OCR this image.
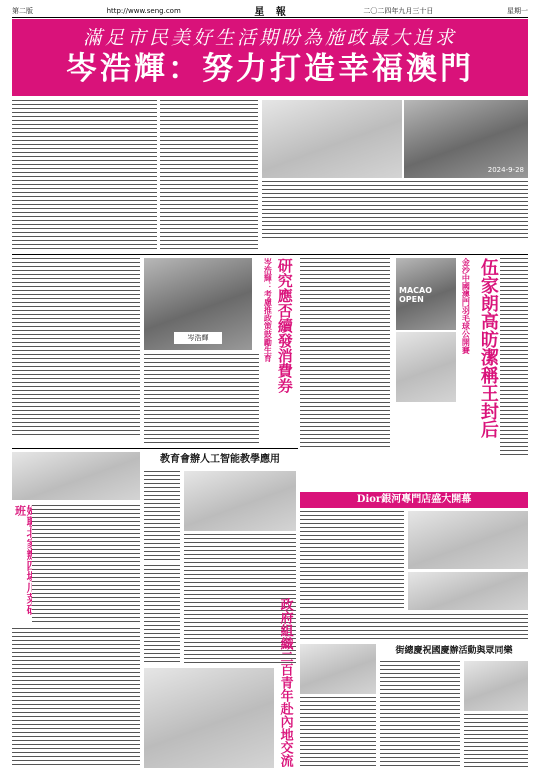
第二版	http://www.seng.com	星 報	二〇二四年九月三十日	星期一
滿足市民美好生活期盼為施政最大追求
岑浩輝：努力打造幸福澳門
2024-9-28
岑浩輝	岑浩輝：考慮推政策鼓勵生育 研究應否續發消費券	MACAO OPEN	金沙中國澳門羽毛球公開賽 伍家朗高昉潔稱王封后
班
教育會辦人工智能教學應用
政府組織二百青年赴內地交流
Dior銀河專門店盛大開幕
街總慶祝國慶辦活動與眾同樂
